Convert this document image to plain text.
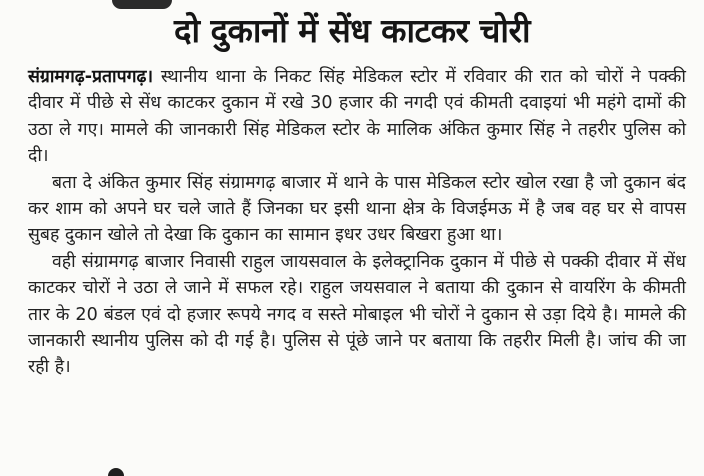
दो दुकानों में सेंध काटकर चोरी

संग्रामगढ़-प्रतापगढ़। स्थानीय थाना के निकट सिंह मेडिकल स्टोर में रविवार की रात को चोरों ने पक्की दीवार में पीछे से सेंध काटकर दुकान में रखे 30 हजार की नगदी एवं कीमती दवाइयां भी महंगे दामों की उठा ले गए। मामले की जानकारी सिंह मेडिकल स्टोर के मालिक अंकित कुमार सिंह ने तहरीर पुलिस को दी।

बता दे अंकित कुमार सिंह संग्रामगढ़ बाजार में थाने के पास मेडिकल स्टोर खोल रखा है जो दुकान बंद कर शाम को अपने घर चले जाते हैं जिनका घर इसी थाना क्षेत्र के विजईमऊ में है जब वह घर से वापस सुबह दुकान खोले तो देखा कि दुकान का सामान इधर उधर बिखरा हुआ था।

वही संग्रामगढ़ बाजार निवासी राहुल जायसवाल के इलेक्ट्रानिक दुकान में पीछे से पक्की दीवार में सेंध काटकर चोरों ने उठा ले जाने में सफल रहे। राहुल जयसवाल ने बताया की दुकान से वायरिंग के कीमती तार के 20 बंडल एवं दो हजार रूपये नगद व सस्ते मोबाइल भी चोरों ने दुकान से उड़ा दिये है। मामले की जानकारी स्थानीय पुलिस को दी गई है। पुलिस से पूंछे जाने पर बताया कि तहरीर मिली है। जांच की जा रही है।
